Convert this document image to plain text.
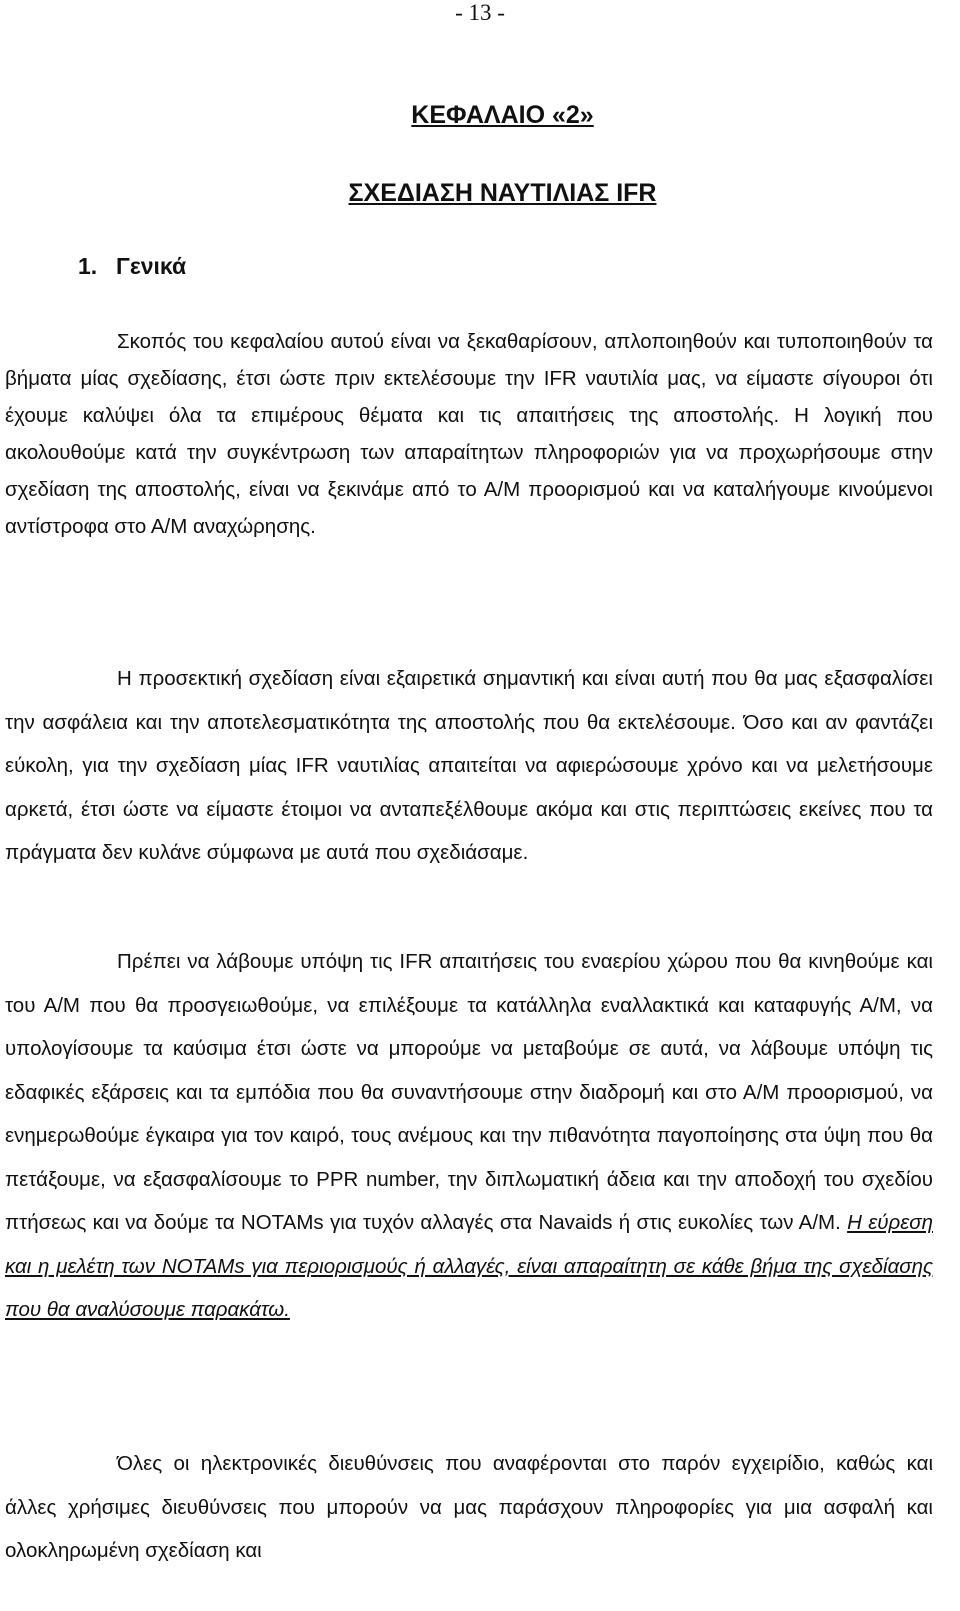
- 13 -
ΚΕΦΑΛΑΙΟ «2»
ΣΧΕΔΙΑΣΗ ΝΑΥΤΙΛΙΑΣ IFR
1. Γενικά

Σκοπός του κεφαλαίου αυτού είναι να ξεκαθαρίσουν, απλοποιηθούν και τυποποιηθούν τα βήματα μίας σχεδίασης, έτσι ώστε πριν εκτελέσουμε την IFR ναυτιλία μας, να είμαστε σίγουροι ότι έχουμε καλύψει όλα τα επιμέρους θέματα και τις απαιτήσεις της αποστολής. Η λογική που ακολουθούμε κατά την συγκέντρωση των απαραίτητων πληροφοριών για να προχωρήσουμε στην σχεδίαση της αποστολής, είναι να ξεκινάμε από το Α/Μ προορισμού και να καταλήγουμε κινούμενοι αντίστροφα στο Α/Μ αναχώρησης.

Η προσεκτική σχεδίαση είναι εξαιρετικά σημαντική και είναι αυτή που θα μας εξασφαλίσει την ασφάλεια και την αποτελεσματικότητα της αποστολής που θα εκτελέσουμε. Όσο και αν φαντάζει εύκολη, για την σχεδίαση μίας IFR ναυτιλίας απαιτείται να αφιερώσουμε χρόνο και να μελετήσουμε αρκετά, έτσι ώστε να είμαστε έτοιμοι να ανταπεξέλθουμε ακόμα και στις περιπτώσεις εκείνες που τα πράγματα δεν κυλάνε σύμφωνα με αυτά που σχεδιάσαμε.

Πρέπει να λάβουμε υπόψη τις IFR απαιτήσεις του εναερίου χώρου που θα κινηθούμε και του Α/Μ που θα προσγειωθούμε, να επιλέξουμε τα κατάλληλα εναλλακτικά και καταφυγής Α/Μ, να υπολογίσουμε τα καύσιμα έτσι ώστε να μπορούμε να μεταβούμε σε αυτά, να λάβουμε υπόψη τις εδαφικές εξάρσεις και τα εμπόδια που θα συναντήσουμε στην διαδρομή και στο Α/Μ προορισμού, να ενημερωθούμε έγκαιρα για τον καιρό, τους ανέμους και την πιθανότητα παγοποίησης στα ύψη που θα πετάξουμε, να εξασφαλίσουμε το PPR number, την διπλωματική άδεια και την αποδοχή του σχεδίου πτήσεως και να δούμε τα NOTAMs για τυχόν αλλαγές στα Navaids ή στις ευκολίες των Α/Μ. Η εύρεση και η μελέτη των NOTAMs για περιορισμούς ή αλλαγές, είναι απαραίτητη σε κάθε βήμα της σχεδίασης που θα αναλύσουμε παρακάτω.

Όλες οι ηλεκτρονικές διευθύνσεις που αναφέρονται στο παρόν εγχειρίδιο, καθώς και άλλες χρήσιμες διευθύνσεις που μπορούν να μας παράσχουν πληροφορίες για μια ασφαλή και ολοκληρωμένη σχεδίαση και
